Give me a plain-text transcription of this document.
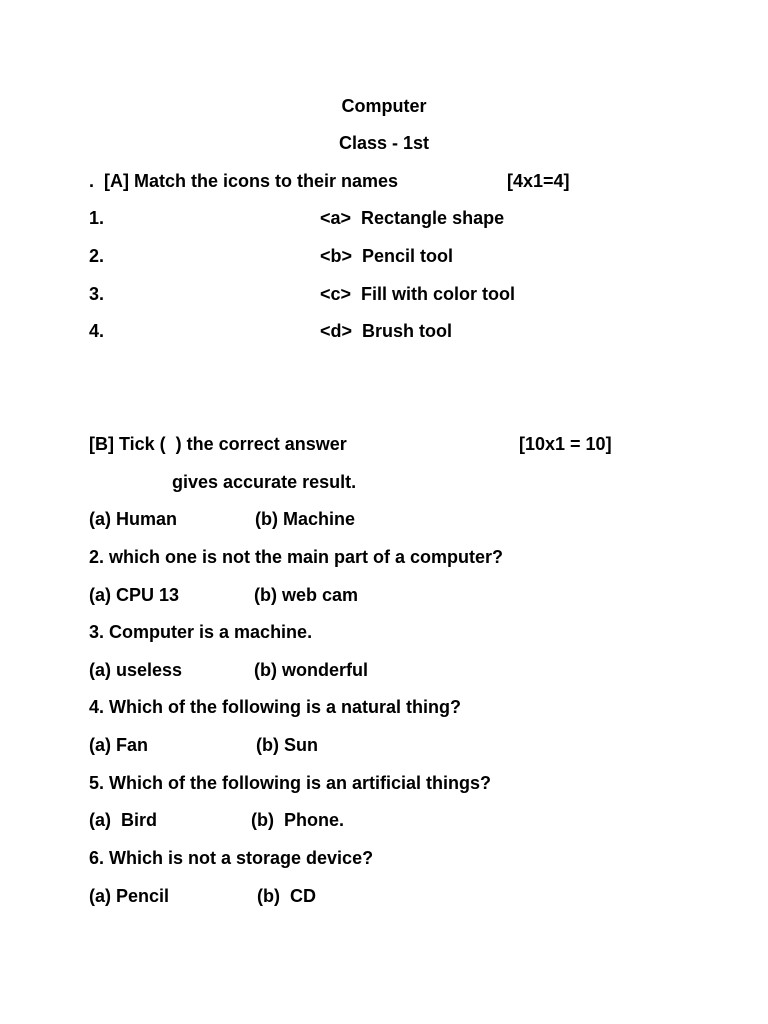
Computer
Class - 1st
.  [A] Match the icons to their names	[4x1=4]
1.	<a>  Rectangle shape
2.	<b>  Pencil tool
3.	<c>  Fill with color tool
4.	<d>  Brush tool
[B] Tick (  ) the correct answer	[10x1 = 10]
gives accurate result.
(a) Human	(b) Machine
2. which one is not the main part of a computer?
(a) CPU 13	(b) web cam
3. Computer is a machine.
(a) useless	(b) wonderful
4. Which of the following is a natural thing?
(a) Fan	(b) Sun
5. Which of the following is an artificial things?
(a)  Bird	(b)  Phone.
6. Which is not a storage device?
(a) Pencil	(b)  CD
